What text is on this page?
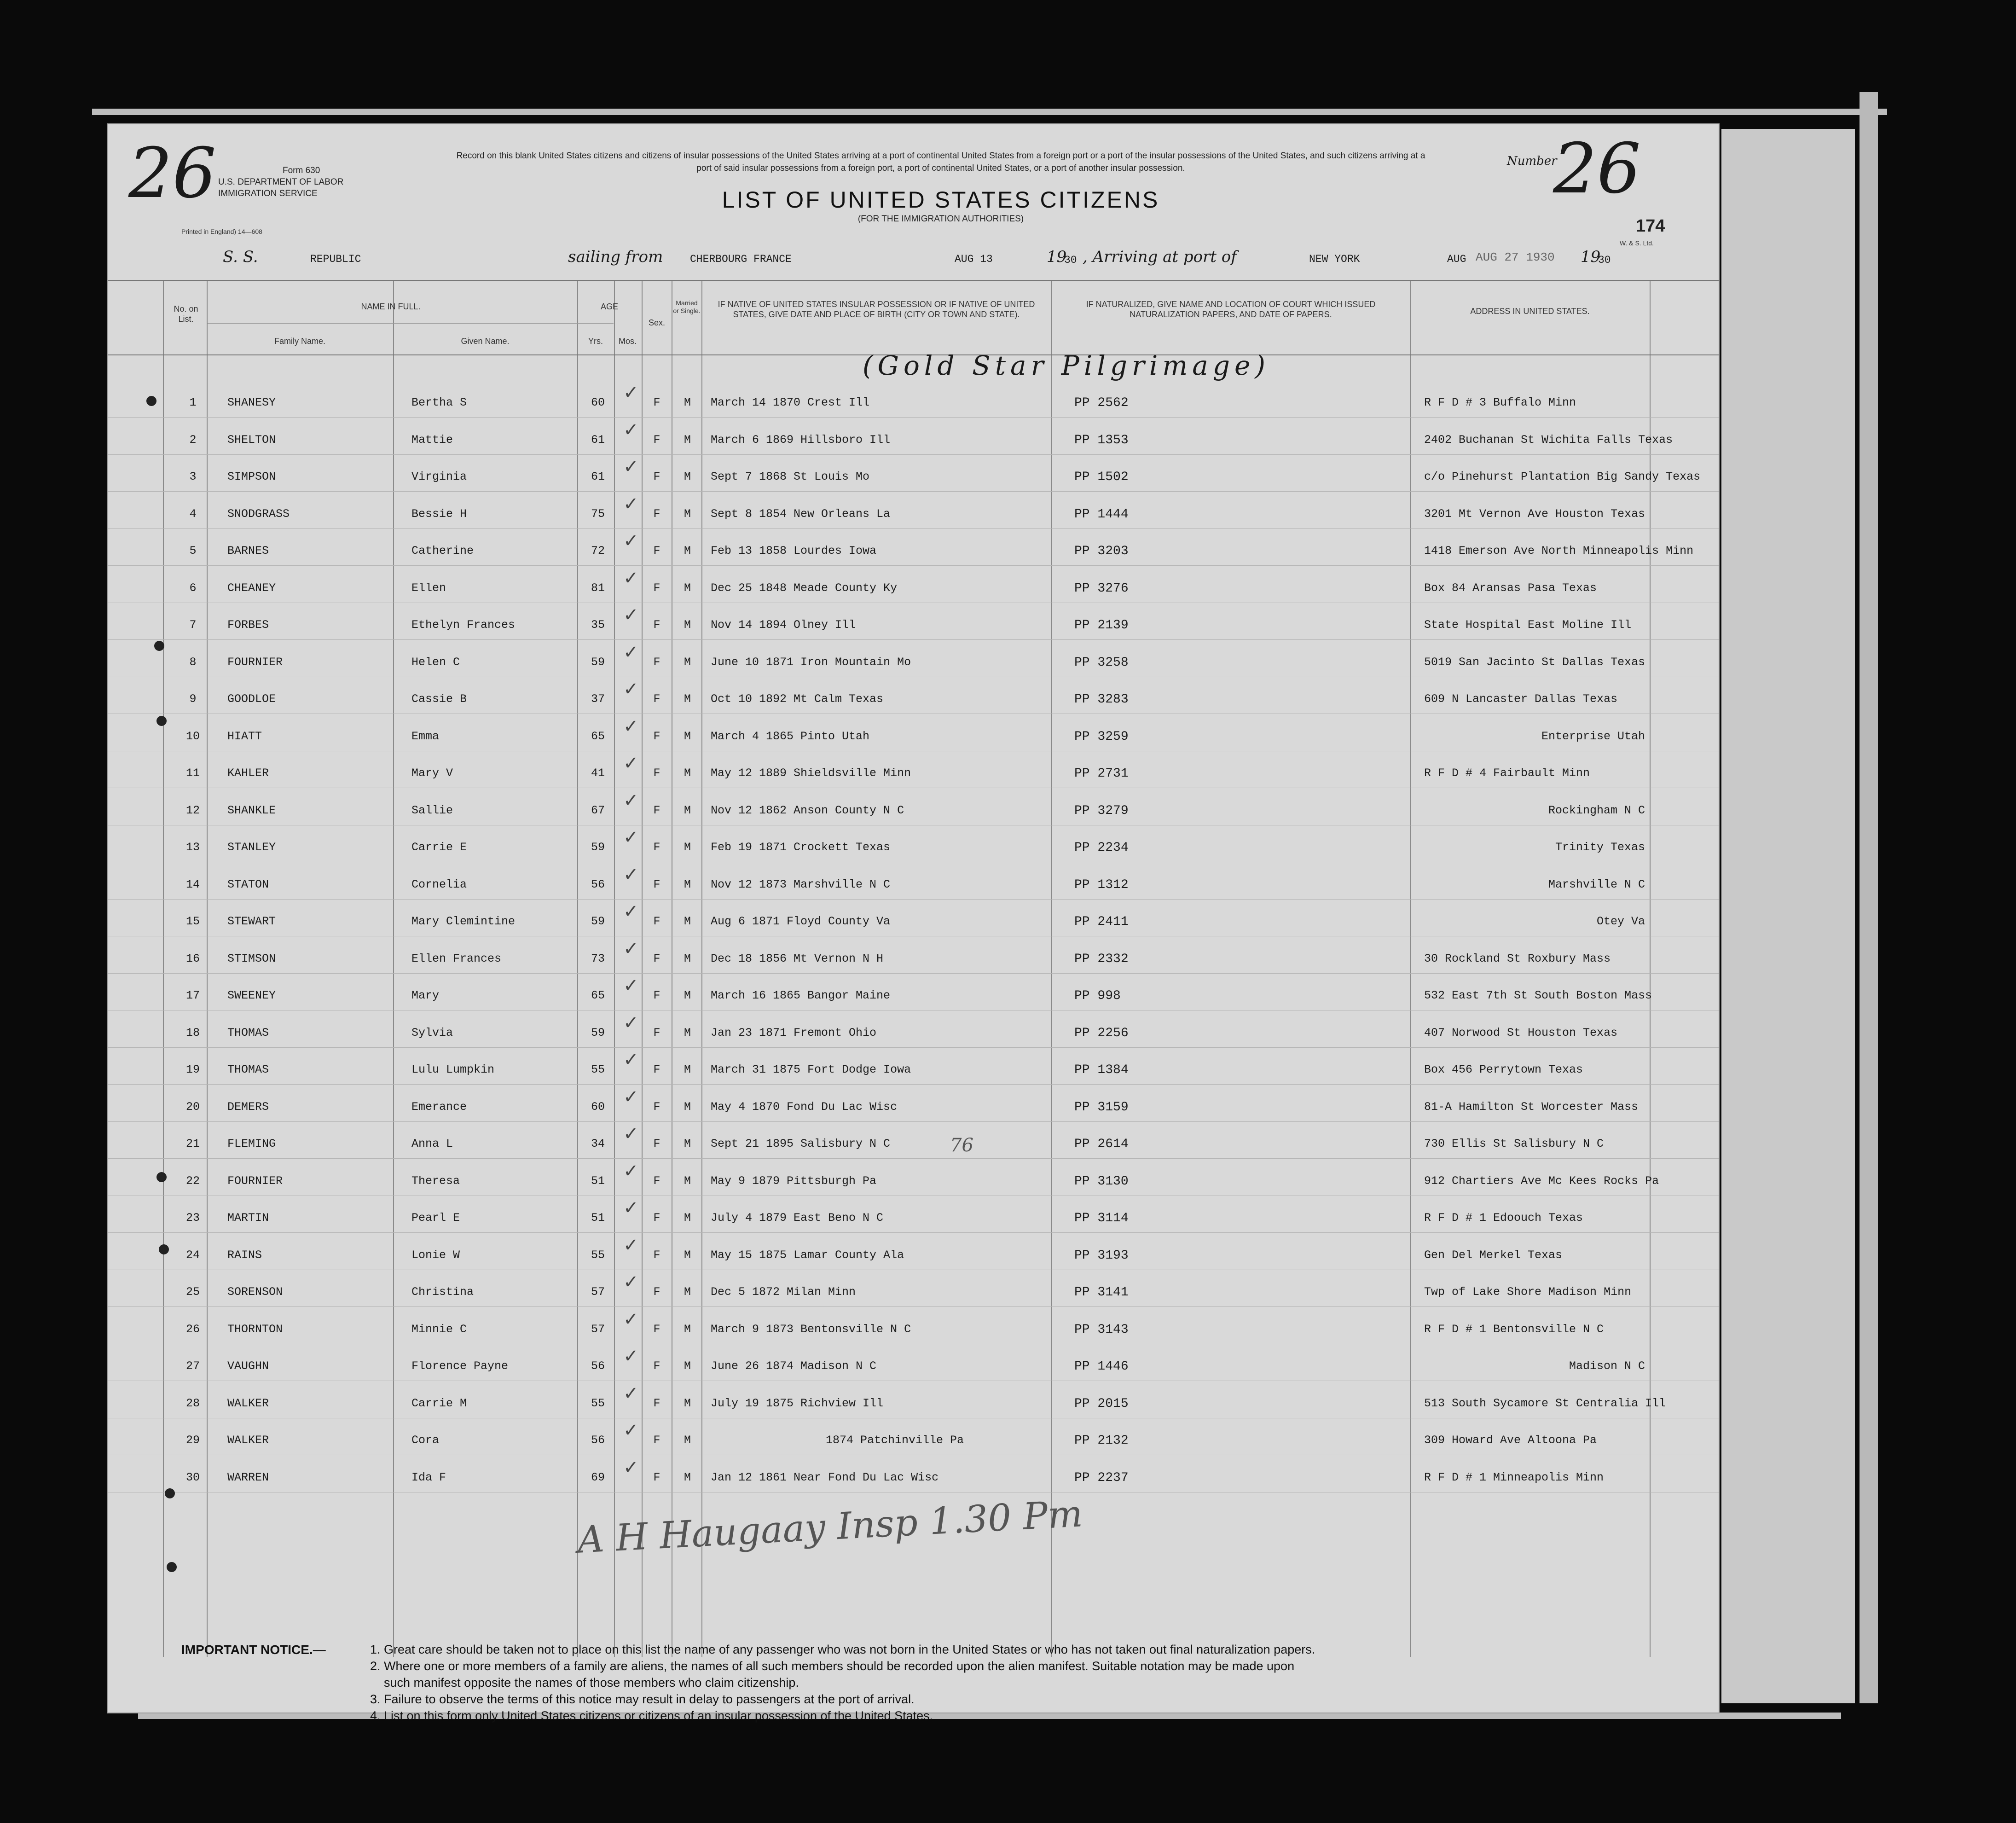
26	Form 630
U.S. DEPARTMENT OF LABOR
IMMIGRATION SERVICE
Printed in England) 14—608
Record on this blank United States citizens and citizens of insular possessions of the United States arriving at a port of continental United States from a foreign port or a port of the insular possessions of the United States, and such citizens arriving at a port of said insular possessions from a foreign port, a port of continental United States, or a port of another insular possession.
LIST OF UNITED STATES CITIZENS
(FOR THE IMMIGRATION AUTHORITIES)
Number
26
174
W. & S. Ltd.
S. S.	REPUBLIC	sailing from	CHERBOURG FRANCE	AUG 13	19
30 , Arriving at port of	NEW YORK	AUG AUG 27 1930 19
30
No. on List.
NAME IN FULL.
Family Name.	Given Name.
AGE
Yrs.	Mos.
Sex.
Married or Single.
IF NATIVE OF UNITED STATES INSULAR POSSESSION OR IF NATIVE OF UNITED STATES, GIVE DATE AND PLACE OF BIRTH (CITY OR TOWN AND STATE).
IF NATURALIZED, GIVE NAME AND LOCATION OF COURT WHICH ISSUED NATURALIZATION PAPERS, AND DATE OF PAPERS.	ADDRESS IN UNITED STATES.
(Gold Star Pilgrimage)
✓
1	SHANESY	Bertha S	60	F	M	March 14 1870 Crest Ill	PP 2562	R F D # 3 Buffalo Minn
✓
2	SHELTON	Mattie	61	F	M	March 6 1869 Hillsboro Ill	PP 1353	2402 Buchanan St Wichita Falls Texas
✓
3	SIMPSON	Virginia	61	F	M	Sept 7 1868 St Louis Mo	PP 1502	c/o Pinehurst Plantation Big Sandy Texas
✓
4	SNODGRASS	Bessie H	75	F	M	Sept 8 1854 New Orleans La	PP 1444	3201 Mt Vernon Ave Houston Texas
✓
5	BARNES	Catherine	72	F	M	Feb 13 1858 Lourdes Iowa	PP 3203	1418 Emerson Ave North Minneapolis Minn
✓
6	CHEANEY	Ellen	81	F	M	Dec 25 1848 Meade County Ky	PP 3276	Box 84 Aransas Pasa Texas
✓
7	FORBES	Ethelyn Frances	35	F	M	Nov 14 1894 Olney Ill	PP 2139	State Hospital East Moline Ill
✓
8	FOURNIER	Helen C	59	F	M	June 10 1871 Iron Mountain Mo	PP 3258	5019 San Jacinto St Dallas Texas
✓
9	GOODLOE	Cassie B	37	F	M	Oct 10 1892 Mt Calm Texas	PP 3283	609 N Lancaster Dallas Texas
✓
10	HIATT	Emma	65	F	M	March 4 1865 Pinto Utah	PP 3259	Enterprise Utah
✓
11	KAHLER	Mary V	41	F	M	May 12 1889 Shieldsville Minn	PP 2731	R F D # 4 Fairbault Minn
✓
12	SHANKLE	Sallie	67	F	M	Nov 12 1862 Anson County N C	PP 3279	Rockingham N C
✓
13	STANLEY	Carrie E	59	F	M	Feb 19 1871 Crockett Texas	PP 2234	Trinity Texas
✓
14	STATON	Cornelia	56	F	M	Nov 12 1873 Marshville N C	PP 1312	Marshville N C
✓
15	STEWART	Mary Clemintine	59	F	M	Aug 6 1871 Floyd County Va	PP 2411	Otey Va
✓
16	STIMSON	Ellen Frances	73	F	M	Dec 18 1856 Mt Vernon N H	PP 2332	30 Rockland St Roxbury Mass
✓
17	SWEENEY	Mary	65	F	M	March 16 1865 Bangor Maine	PP 998	532 East 7th St South Boston Mass
✓
18	THOMAS	Sylvia	59	F	M	Jan 23 1871 Fremont Ohio	PP 2256	407 Norwood St Houston Texas
✓
19	THOMAS	Lulu Lumpkin	55	F	M	March 31 1875 Fort Dodge Iowa	PP 1384	Box 456 Perrytown Texas
✓
20	DEMERS	Emerance	60	F	M	May 4 1870 Fond Du Lac Wisc	PP 3159	81-A Hamilton St Worcester Mass
✓
21	FLEMING	Anna L	34	F	M	Sept 21 1895 Salisbury N C	PP 2614	730 Ellis St Salisbury N C
✓
22	FOURNIER	Theresa	51	F	M	May 9 1879 Pittsburgh Pa	PP 3130	912 Chartiers Ave Mc Kees Rocks Pa
✓
23	MARTIN	Pearl E	51	F	M	July 4 1879 East Beno N C	PP 3114	R F D # 1 Edoouch Texas
✓
24	RAINS	Lonie W	55	F	M	May 15 1875 Lamar County Ala	PP 3193	Gen Del Merkel Texas
✓
25	SORENSON	Christina	57	F	M	Dec 5 1872 Milan Minn	PP 3141	Twp of Lake Shore Madison Minn
✓
26	THORNTON	Minnie C	57	F	M	March 9 1873 Bentonsville N C	PP 3143	R F D # 1 Bentonsville N C
✓
27	VAUGHN	Florence Payne	56	F	M	June 26 1874 Madison N C	PP 1446	Madison N C
✓
28	WALKER	Carrie M	55	F	M	July 19 1875 Richview Ill	PP 2015	513 South Sycamore St Centralia Ill
✓
29	WALKER	Cora	56	F	M	1874 Patchinville Pa	PP 2132	309 Howard Ave Altoona Pa
✓
30	WARREN	Ida F	69	F	M	Jan 12 1861 Near Fond Du Lac Wisc	PP 2237	R F D # 1 Minneapolis Minn
76
A H Haugaay Insp 1.30 Pm
IMPORTANT NOTICE.—	1. Great care should be taken not to place on this list the name of any passenger who was not born in the United States or who has not taken out final naturalization papers.
2. Where one or more members of a family are aliens, the names of all such members should be recorded upon the alien manifest. Suitable notation may be made upon
such manifest opposite the names of those members who claim citizenship.
3. Failure to observe the terms of this notice may result in delay to passengers at the port of arrival.
4. List on this form only United States citizens or citizens of an insular possession of the United States.
